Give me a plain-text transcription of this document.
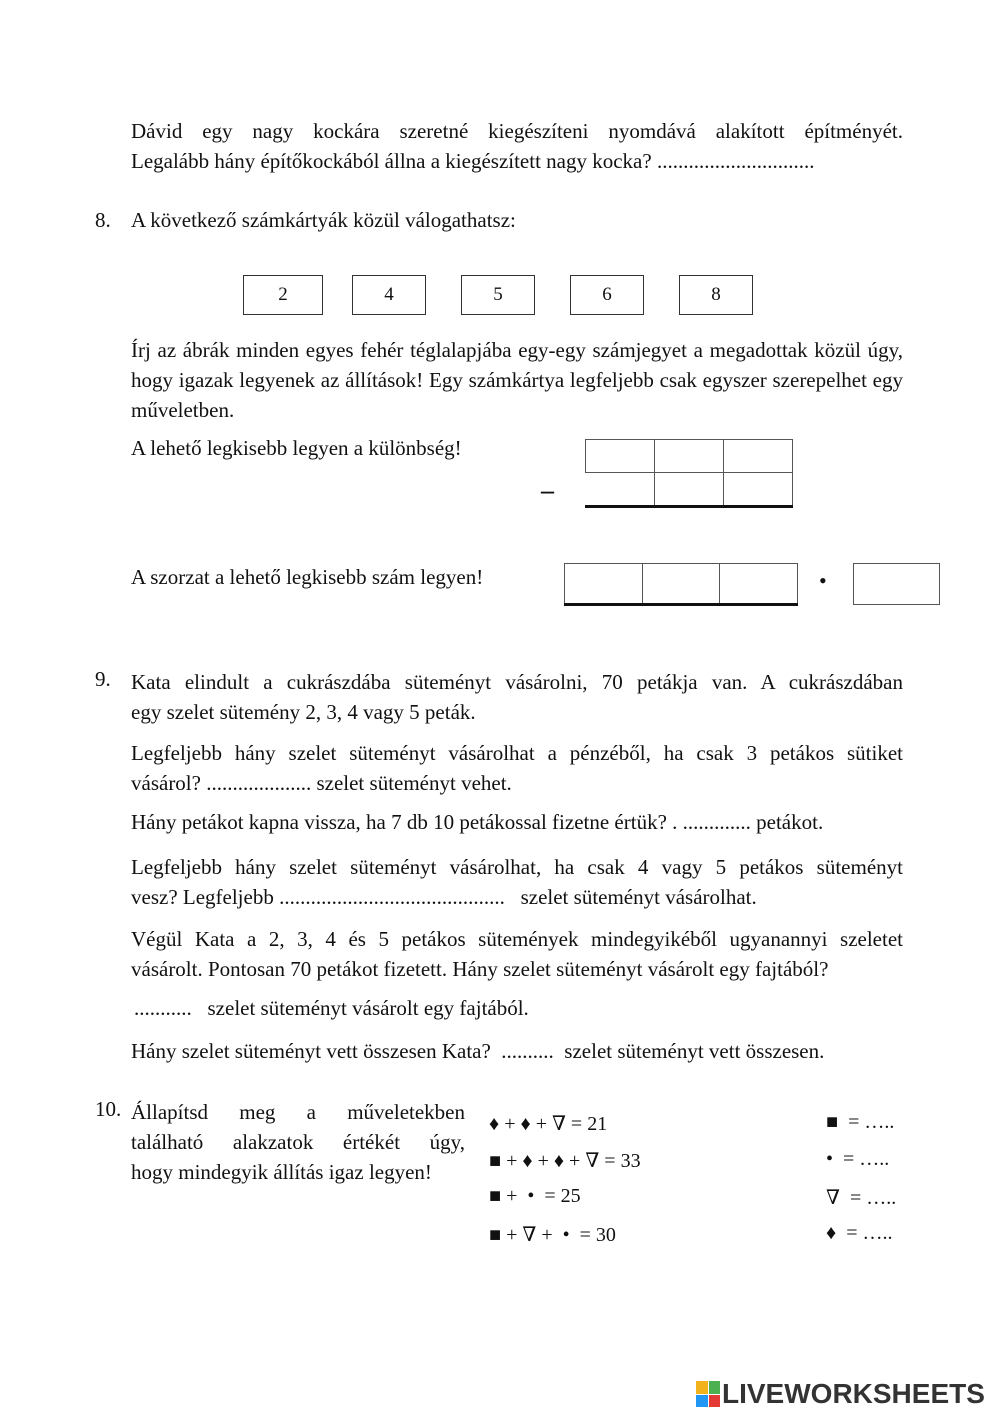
Dávid egy nagy kockára szeretné kiegészíteni nyomdává alakított építményét.
Legalább hány építőkockából állna a kiegészített nagy kocka? ..............................
8. A következő számkártyák közül válogathatsz:
2	4	5	6	8
Írj az ábrák minden egyes fehér téglalapjába egy-egy számjegyet a megadottak közül úgy, hogy igazak legyenek az állítások! Egy számkártya legfeljebb csak egyszer szerepelhet egy műveletben.
A lehető legkisebb legyen a különbség!
–
A szorzat a lehető legkisebb szám legyen!	•
9. Kata elindult a cukrászdába süteményt vásárolni, 70 petákja van. A cukrászdában
egy szelet sütemény 2, 3, 4 vagy 5 peták.
Legfeljebb hány szelet süteményt vásárolhat a pénzéből, ha csak 3 petákos sütiket
vásárol? .................... szelet süteményt vehet.
Hány petákot kapna vissza, ha 7 db 10 petákossal fizetne értük? . ............. petákot.
Legfeljebb hány szelet süteményt vásárolhat, ha csak 4 vagy 5 petákos süteményt
vesz? Legfeljebb ...........................................   szelet süteményt vásárolhat.
Végül Kata a 2, 3, 4 és 5 petákos sütemények mindegyikéből ugyanannyi szeletet
vásárolt. Pontosan 70 petákot fizetett. Hány szelet süteményt vásárolt egy fajtából?
...........   szelet süteményt vásárolt egy fajtából.
Hány szelet süteményt vett összesen Kata?  ..........  szelet süteményt vett összesen.
10. Állapítsd meg a műveletekben
található alakzatok értékét úgy,
hogy mindegyik állítás igaz legyen!
♦ + ♦ + ∇ = 21
■ + ♦ + ♦ + ∇ = 33
■ +  •  = 25
■ + ∇ +  •  = 30
■  = …..
•  = …..
∇  = …..
♦  = …..
LIVEWORKSHEETS
